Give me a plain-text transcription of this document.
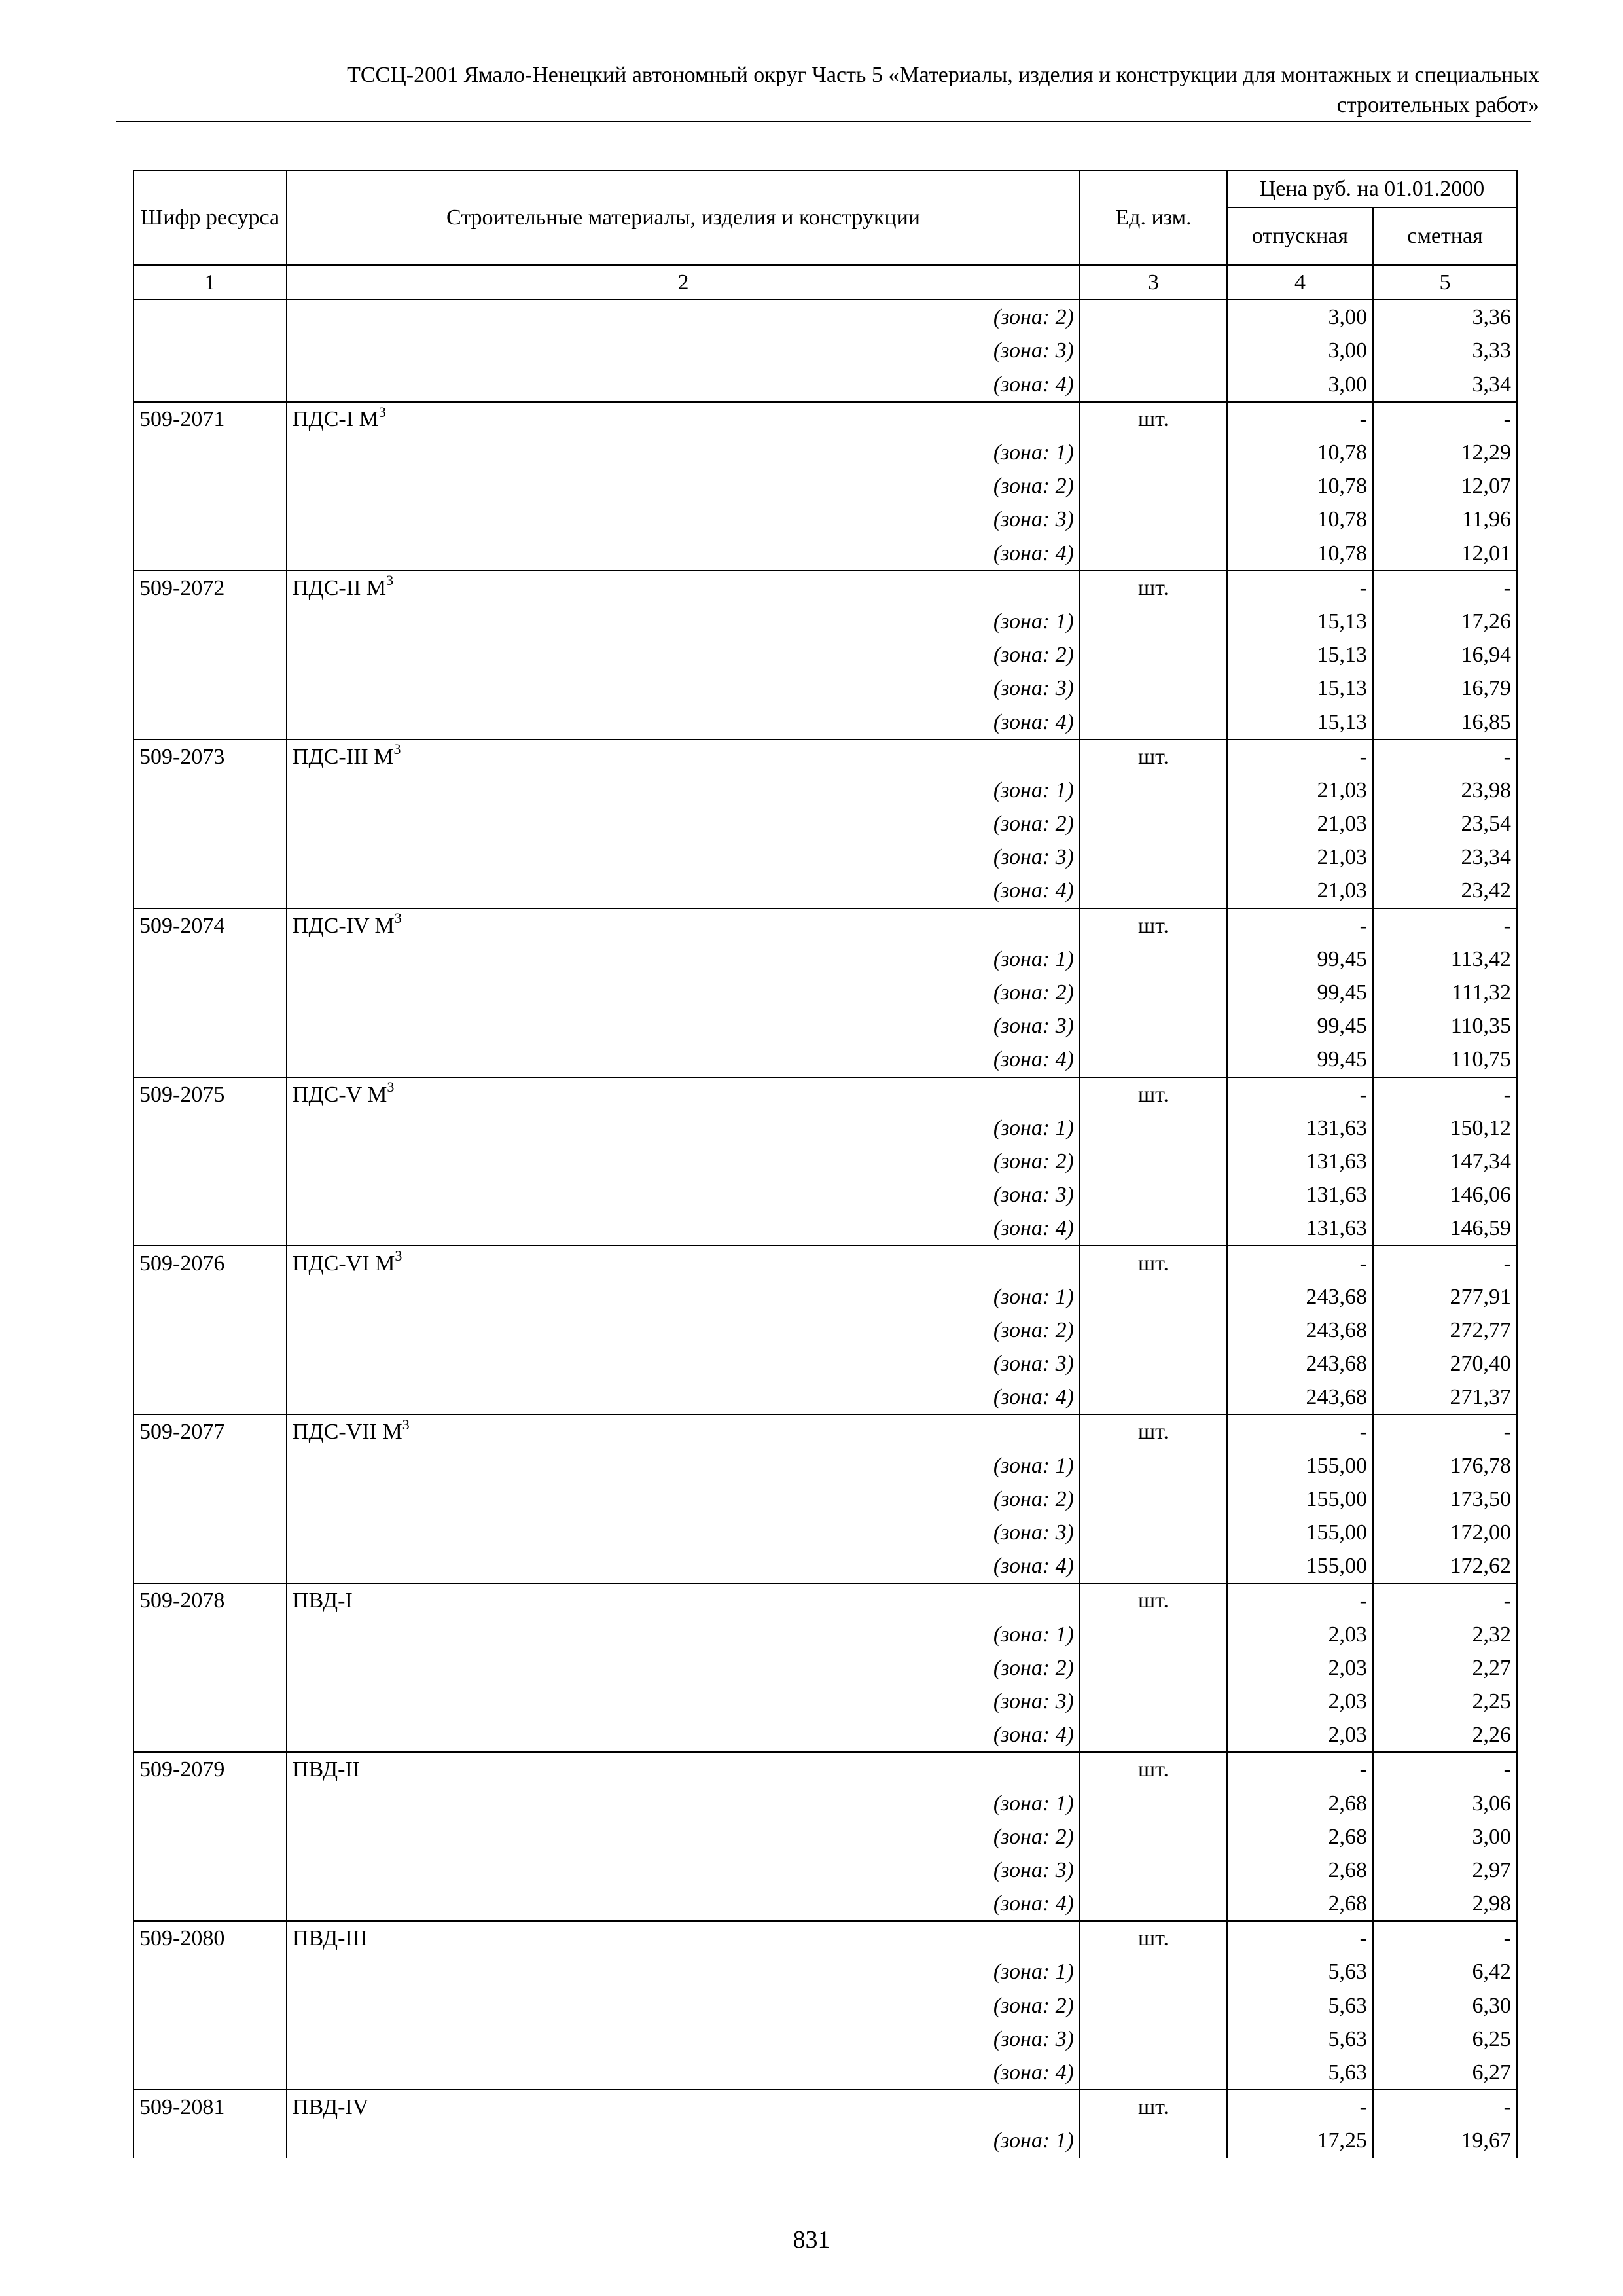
ТССЦ-2001 Ямало-Ненецкий автономный округ Часть 5 «Материалы, изделия и конструкции для монтажных и специальных
строительных работ»
Шифр ресурса	Строительные материалы, изделия и конструкции	Ед. изм.	Цена руб. на 01.01.2000	
			отпускная	сметная
1	2	3	4	5
	(зона: 2)		3,00	3,36
	(зона: 3)		3,00	3,33
	(зона: 4)		3,00	3,34
509-2071	ПДС-I $М^3$	шт.	-	-
	(зона: 1)		10,78	12,29
	(зона: 2)		10,78	12,07
	(зона: 3)		10,78	11,96
	(зона: 4)		10,78	12,01
509-2072	ПДС-II $М^3$	шт.	-	-
	(зона: 1)		15,13	17,26
	(зона: 2)		15,13	16,94
	(зона: 3)		15,13	16,79
	(зона: 4)		15,13	16,85
509-2073	ПДС-III $М^3$	шт.	-	-
	(зона: 1)		21,03	23,98
	(зона: 2)		21,03	23,54
	(зона: 3)		21,03	23,34
	(зона: 4)		21,03	23,42
509-2074	ПДС-IV $М^3$	шт.	-	-
	(зона: 1)		99,45	113,42
	(зона: 2)		99,45	111,32
	(зона: 3)		99,45	110,35
	(зона: 4)		99,45	110,75
509-2075	ПДС-V $М^3$	шт.	-	-
	(зона: 1)		131,63	150,12
	(зона: 2)		131,63	147,34
	(зона: 3)		131,63	146,06
	(зона: 4)		131,63	146,59
509-2076	ПДС-VI $М^3$	шт.	-	-
	(зона: 1)		243,68	277,91
	(зона: 2)		243,68	272,77
	(зона: 3)		243,68	270,40
	(зона: 4)		243,68	271,37
509-2077	ПДС-VII $М^3$	шт.	-	-
	(зона: 1)		155,00	176,78
	(зона: 2)		155,00	173,50
	(зона: 3)		155,00	172,00
	(зона: 4)		155,00	172,62
509-2078	ПВД-I	шт.	-	-
	(зона: 1)		2,03	2,32
	(зона: 2)		2,03	2,27
	(зона: 3)		2,03	2,25
	(зона: 4)		2,03	2,26
509-2079	ПВД-II	шт.	-	-
	(зона: 1)		2,68	3,06
	(зона: 2)		2,68	3,00
	(зона: 3)		2,68	2,97
	(зона: 4)		2,68	2,98
509-2080	ПВД-III	шт.	-	-
	(зона: 1)		5,63	6,42
	(зона: 2)		5,63	6,30
	(зона: 3)		5,63	6,25
	(зона: 4)		5,63	6,27
509-2081	ПВД-IV	шт.	-	-
	(зона: 1)		17,25	19,67
831
